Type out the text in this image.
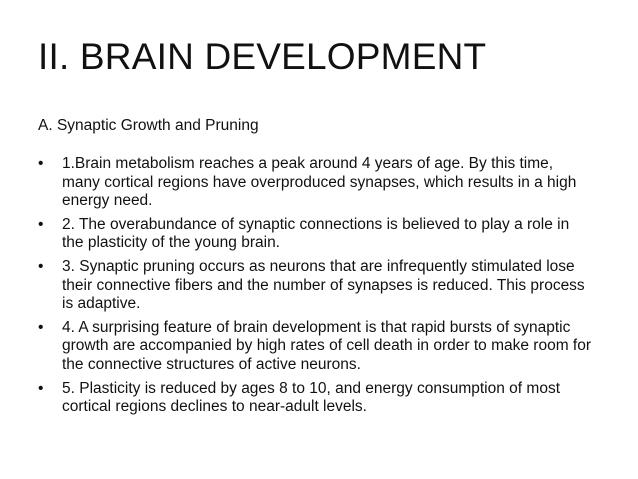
II. BRAIN DEVELOPMENT

A. Synaptic Growth and Pruning

•	1.Brain metabolism reaches a peak around 4 years of age. By this time, many cortical regions have overproduced synapses, which results in a high energy need.
•	2. The overabundance of synaptic connections is believed to play a role in the plasticity of the young brain.
•	3. Synaptic pruning occurs as neurons that are infrequently stimulated lose their connective fibers and the number of synapses is reduced. This process is adaptive.
•	4. A surprising feature of brain development is that rapid bursts of synaptic growth are accompanied by high rates of cell death in order to make room for the connective structures of active neurons.
•	5. Plasticity is reduced by ages 8 to 10, and energy consumption of most cortical regions declines to near-adult levels.
